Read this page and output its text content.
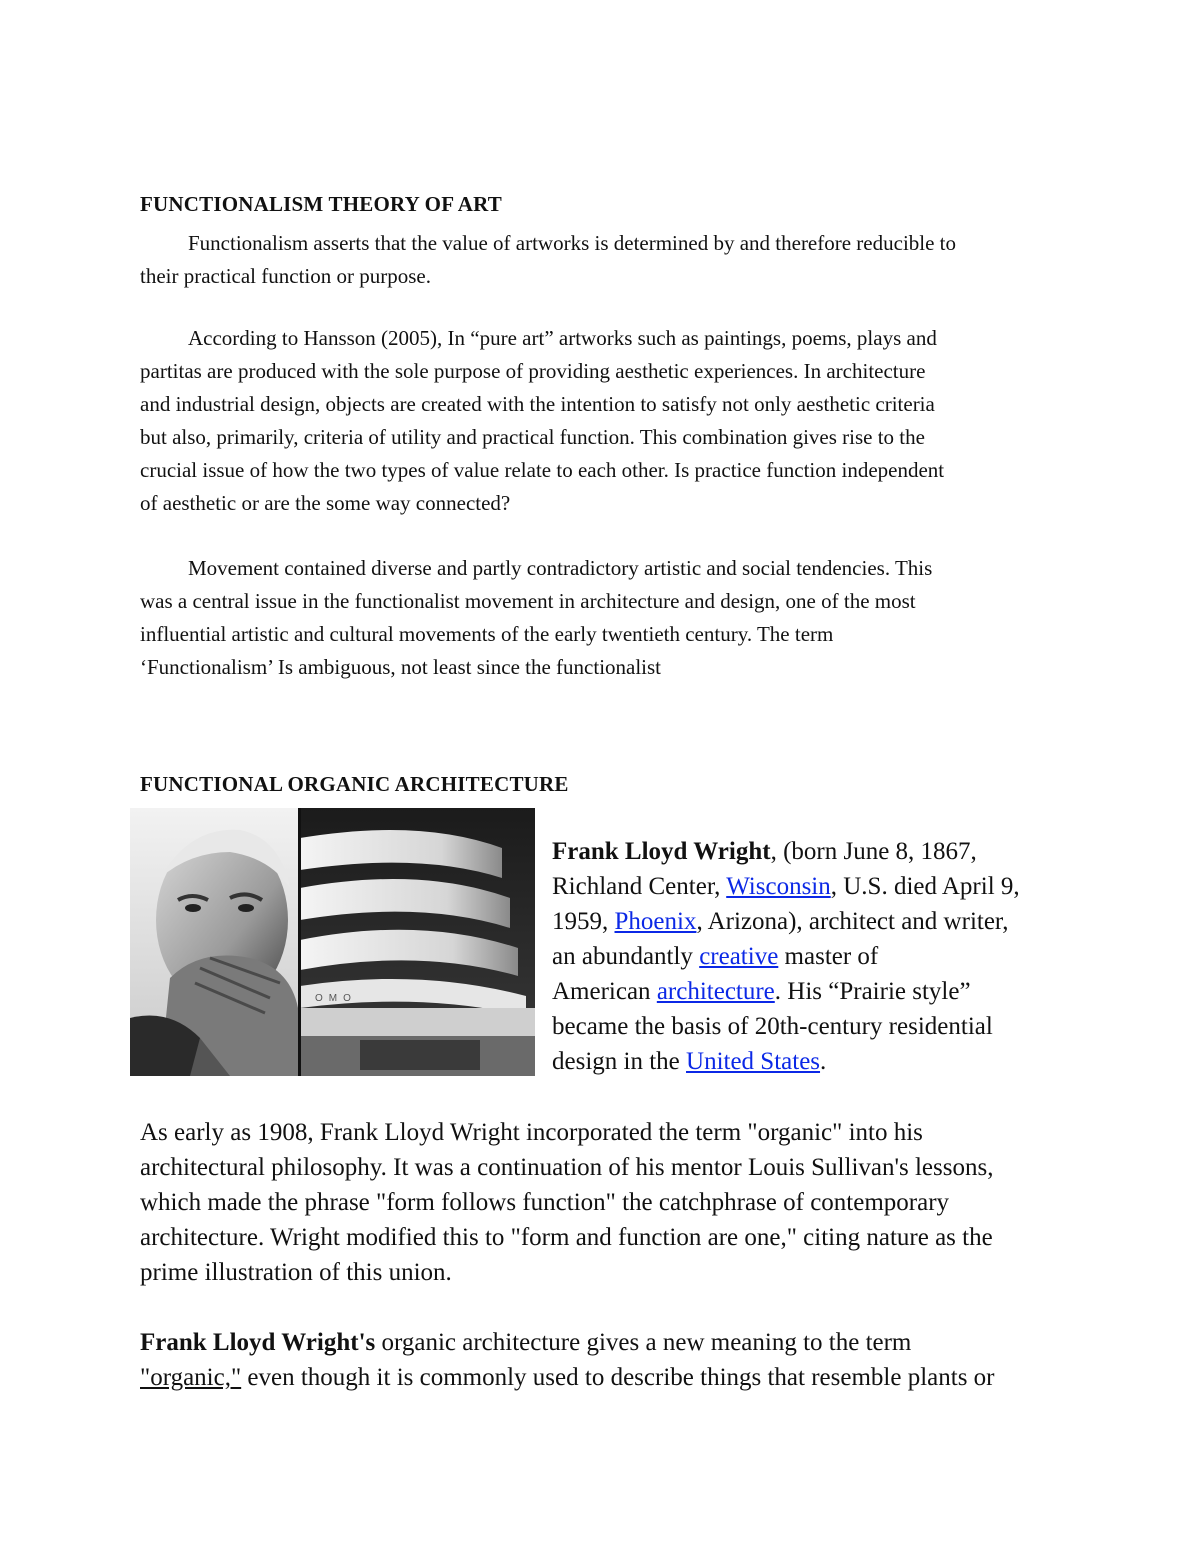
FUNCTIONALISM THEORY OF ART
Functionalism asserts that the value of artworks is determined by and therefore reducible to
their practical function or purpose.
According to Hansson (2005), In “pure art” artworks such as paintings, poems, plays and
partitas are produced with the sole purpose of providing aesthetic experiences. In architecture
and industrial design, objects are created with the intention to satisfy not only aesthetic criteria
but also, primarily, criteria of utility and practical function. This combination gives rise to the
crucial issue of how the two types of value relate to each other. Is practice function independent
of aesthetic or are the some way connected?
Movement contained diverse and partly contradictory artistic and social tendencies. This
was a central issue in the functionalist movement in architecture and design, one of the most
influential artistic and cultural movements of the early twentieth century. The term
‘Functionalism’ Is ambiguous, not least since the functionalist
FUNCTIONAL ORGANIC ARCHITECTURE
OMO
Frank Lloyd Wright, (born June 8, 1867,
Richland Center, Wisconsin, U.S. died April 9,
1959, Phoenix, Arizona), architect and writer,
an abundantly creative master of
American architecture. His “Prairie style”
became the basis of 20th-century residential
design in the United States.
As early as 1908, Frank Lloyd Wright incorporated the term "organic" into his
architectural philosophy. It was a continuation of his mentor Louis Sullivan's lessons,
which made the phrase "form follows function" the catchphrase of contemporary
architecture. Wright modified this to "form and function are one," citing nature as the
prime illustration of this union.
Frank Lloyd Wright's organic architecture gives a new meaning to the term
"organic," even though it is commonly used to describe things that resemble plants or
